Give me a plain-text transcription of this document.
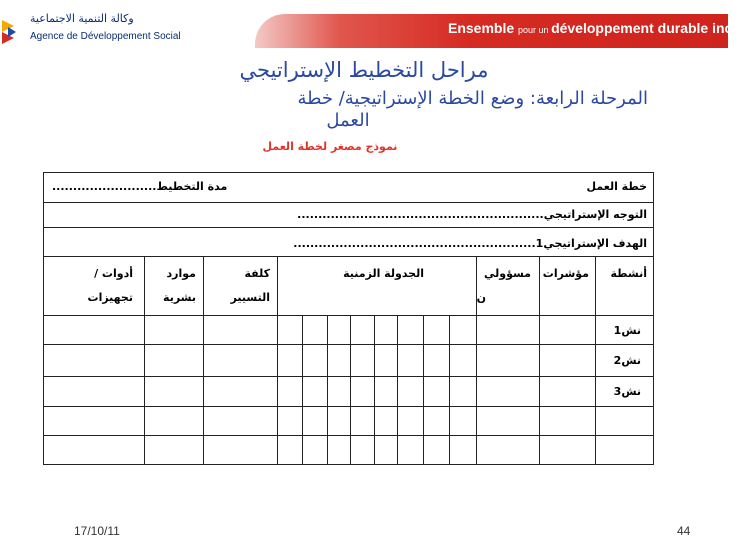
Ensemble pour un développement durable inclus
وكالة التنمية الاجتماعية
Agence de Développement Social
مراحل التخطيط الإستراتيجي
المرحلة الرابعة: وضع الخطة الإستراتيجية/ خطة
العمل
نموذج مصغر لخطة العمل
خطة العمل
مدة التخطيط.........................
التوجه الإستراتيجي...........................................................
الهدف الإستراتيجي1..........................................................
أنشطة
مؤشرات
مسؤولي
ن
الجدولة الزمنية
كلفة
التسيير
موارد
بشرية
أدوات /
تجهيزات
نش1
نش2
نش3
17/10/11	44
